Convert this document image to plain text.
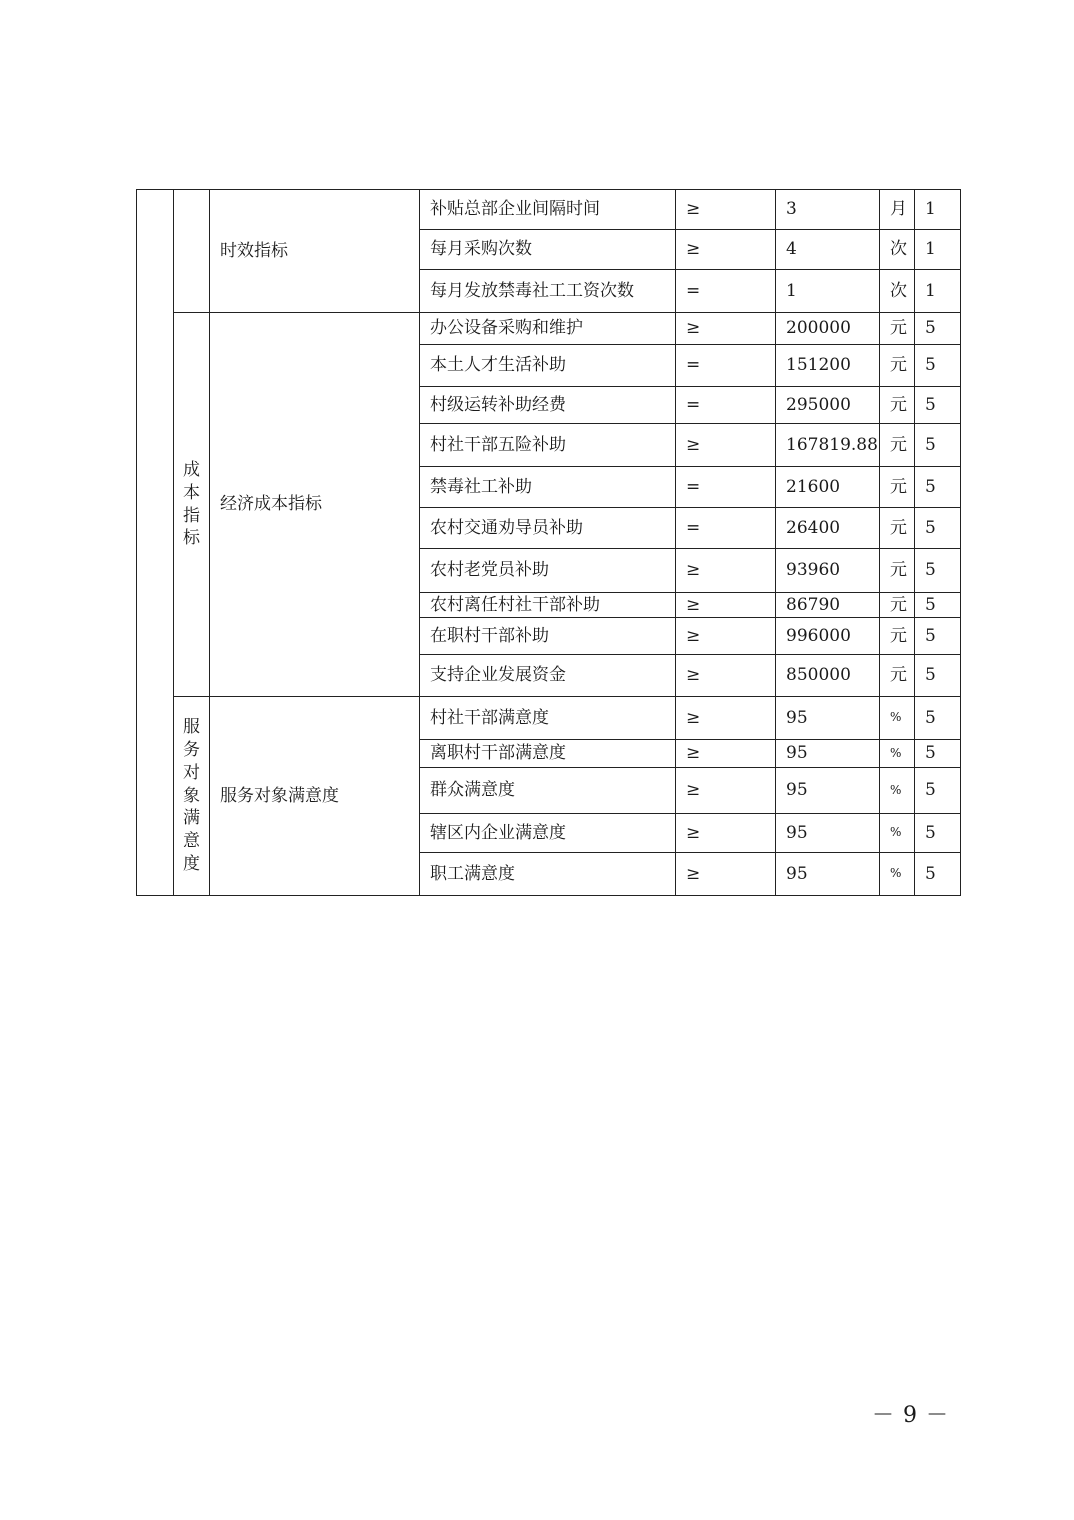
		时效指标	补贴总部企业间隔时间	≥	3	月	1
			每月采购次数	≥	4	次	1
			每月发放禁毒社工工资次数	=	1	次	1
	成本指标	经济成本指标	办公设备采购和维护	≥	200000	元	5
			本土人才生活补助	=	151200	元	5
			村级运转补助经费	=	295000	元	5
			村社干部五险补助	≥	167819.88	元	5
			禁毒社工补助	=	21600	元	5
			农村交通劝导员补助	=	26400	元	5
			农村老党员补助	≥	93960	元	5
			农村离任村社干部补助	≥	86790	元	5
			在职村干部补助	≥	996000	元	5
			支持企业发展资金	≥	850000	元	5
	服务对象满意度	服务对象满意度	村社干部满意度	≥	95	%	5
			离职村干部满意度	≥	95	%	5
			群众满意度	≥	95	%	5
			辖区内企业满意度	≥	95	%	5
			职工满意度	≥	95	%	5
－ 9 －
